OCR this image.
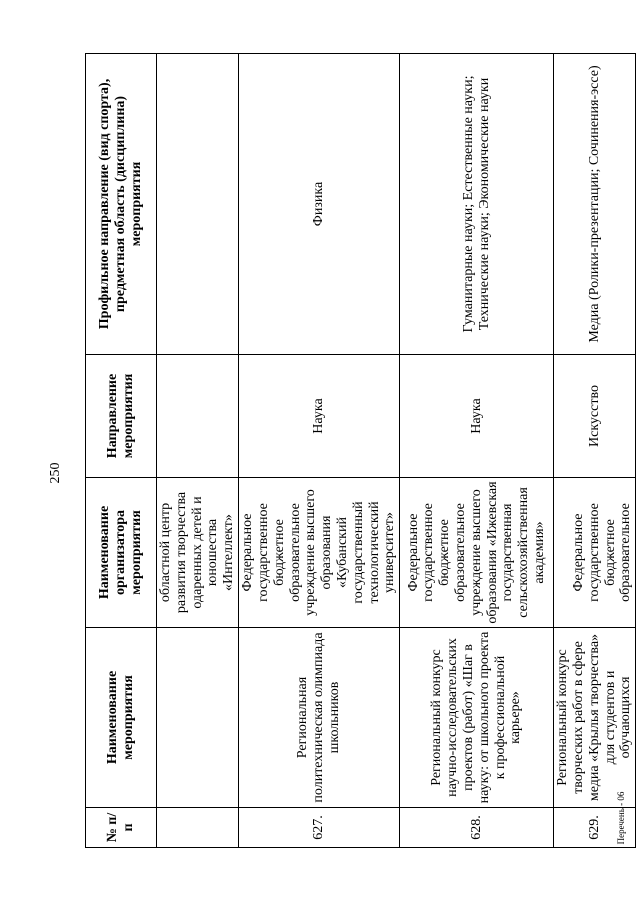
250
№ п/п	Наименование мероприятия	Наименование организатора мероприятия	Направление мероприятия	Профильное направление (вид спорта), предметная область (дисциплина) мероприятия
		областной центр развития творчества одаренных детей и юношества «Интеллект»		
627.	Региональная политехническая олимпиада школьников	Федеральное государственное бюджетное образовательное учреждение высшего образования «Кубанский государственный технологический университет»	Наука	Физика
628.	Региональный конкурс научно-исследовательских проектов (работ) «Шаг в науку: от школьного проекта к профессиональной карьере»	Федеральное государственное бюджетное образовательное учреждение высшего образования «Ижевская государственная сельскохозяйственная академия»	Наука	Гуманитарные науки; Естественные науки; Технические науки; Экономические науки
629.	Региональный конкурс творческих работ в сфере медиа «Крылья творчества» для студентов и обучающихся	Федеральное государственное бюджетное образовательное	Искусство	Медиа (Ролики-презентации; Сочинения-эссе)
Перечень - 06
